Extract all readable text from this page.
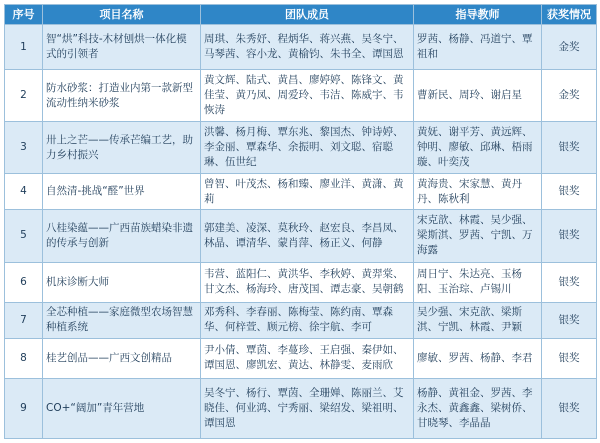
序号	项目名称	团队成员	指导教师	获奖情况
1	智“烘”科技-木材刨烘一体化模式的引领者	周琪、朱秀妤、程炳华、蒋兴燕、吴冬宁、马琴茜、容小龙、黄榆钧、朱书全、谭国恩	罗茜、杨静、冯道宁、覃祖和	金奖
2	防水砂浆：打造业内第一款新型流动性纳米砂浆	黄文辉、陆式、黄昌、廖婷婷、陈锋文、黄佳莹、黄乃凤、周爱玲、韦洁、陈威宇、韦恢涛	曹新民、周玲、谢启星	金奖
3	卅上之芒——传承芒编工艺，助力乡村振兴	洪馨、杨月梅、覃东兆、黎国杰、钟诗婷、李金丽、覃森华、余振明、刘文聪、宿聪琳、伍世纪	黄妩、谢平芳、黄远辉、钟明、廖敏、邱琳、梧雨璇、叶奕茂	银奖
4	自然清-挑战“醛”世界	曾智、叶茂杰、杨和臻、廖业洋、黄潇、黄莉	黄海贵、宋家慧、黄丹丹、陈秋利	银奖
5	八桂染蕴——广西苗族蜡染非遗的传承与创新	郭建美、凌深、莫秋玲、赵宏良、李昌凤、林晶、谭清华、蒙肖萍、杨正义、何静	宋克歆、林霞、吴少强、梁斯淇、罗茜、宁凯、万海露	银奖
6	机床诊断大师	韦营、蓝阳仁、黄洪华、李秋婷、黄羿棠、甘文杰、杨海玲、唐茂国、谭志豪、吴朝鹤	周日宁、朱达亮、玉杨阳、玉治琮、卢锡川	银奖
7	全芯种植——家庭微型农场智慧种植系统	邓秀科、李春丽、陈梅莹、陈约南、覃森华、何梓萱、顾元榜、徐宇航、李可	吴少强、宋克歆、梁斯淇、宁凯、林霞、尹颖	银奖
8	桂艺创品——广西文创精品	尹小倩、覃茵、李蔓珍、王启强、秦伊如、谭国恩、廖凯宏、黄达、林静雯、麦雨欣	廖敏、罗茜、杨静、李君	银奖
9	CO+“阔加”青年营地	吴冬宁、杨行、覃茵、全珊婵、陈丽兰、艾晓佳、何业鸿、宁秀丽、梁绍发、梁祖明、谭国恩	杨静、黄祖金、罗茜、李永杰、黄鑫鑫、梁树侨、甘晓琴、李晶晶	银奖
